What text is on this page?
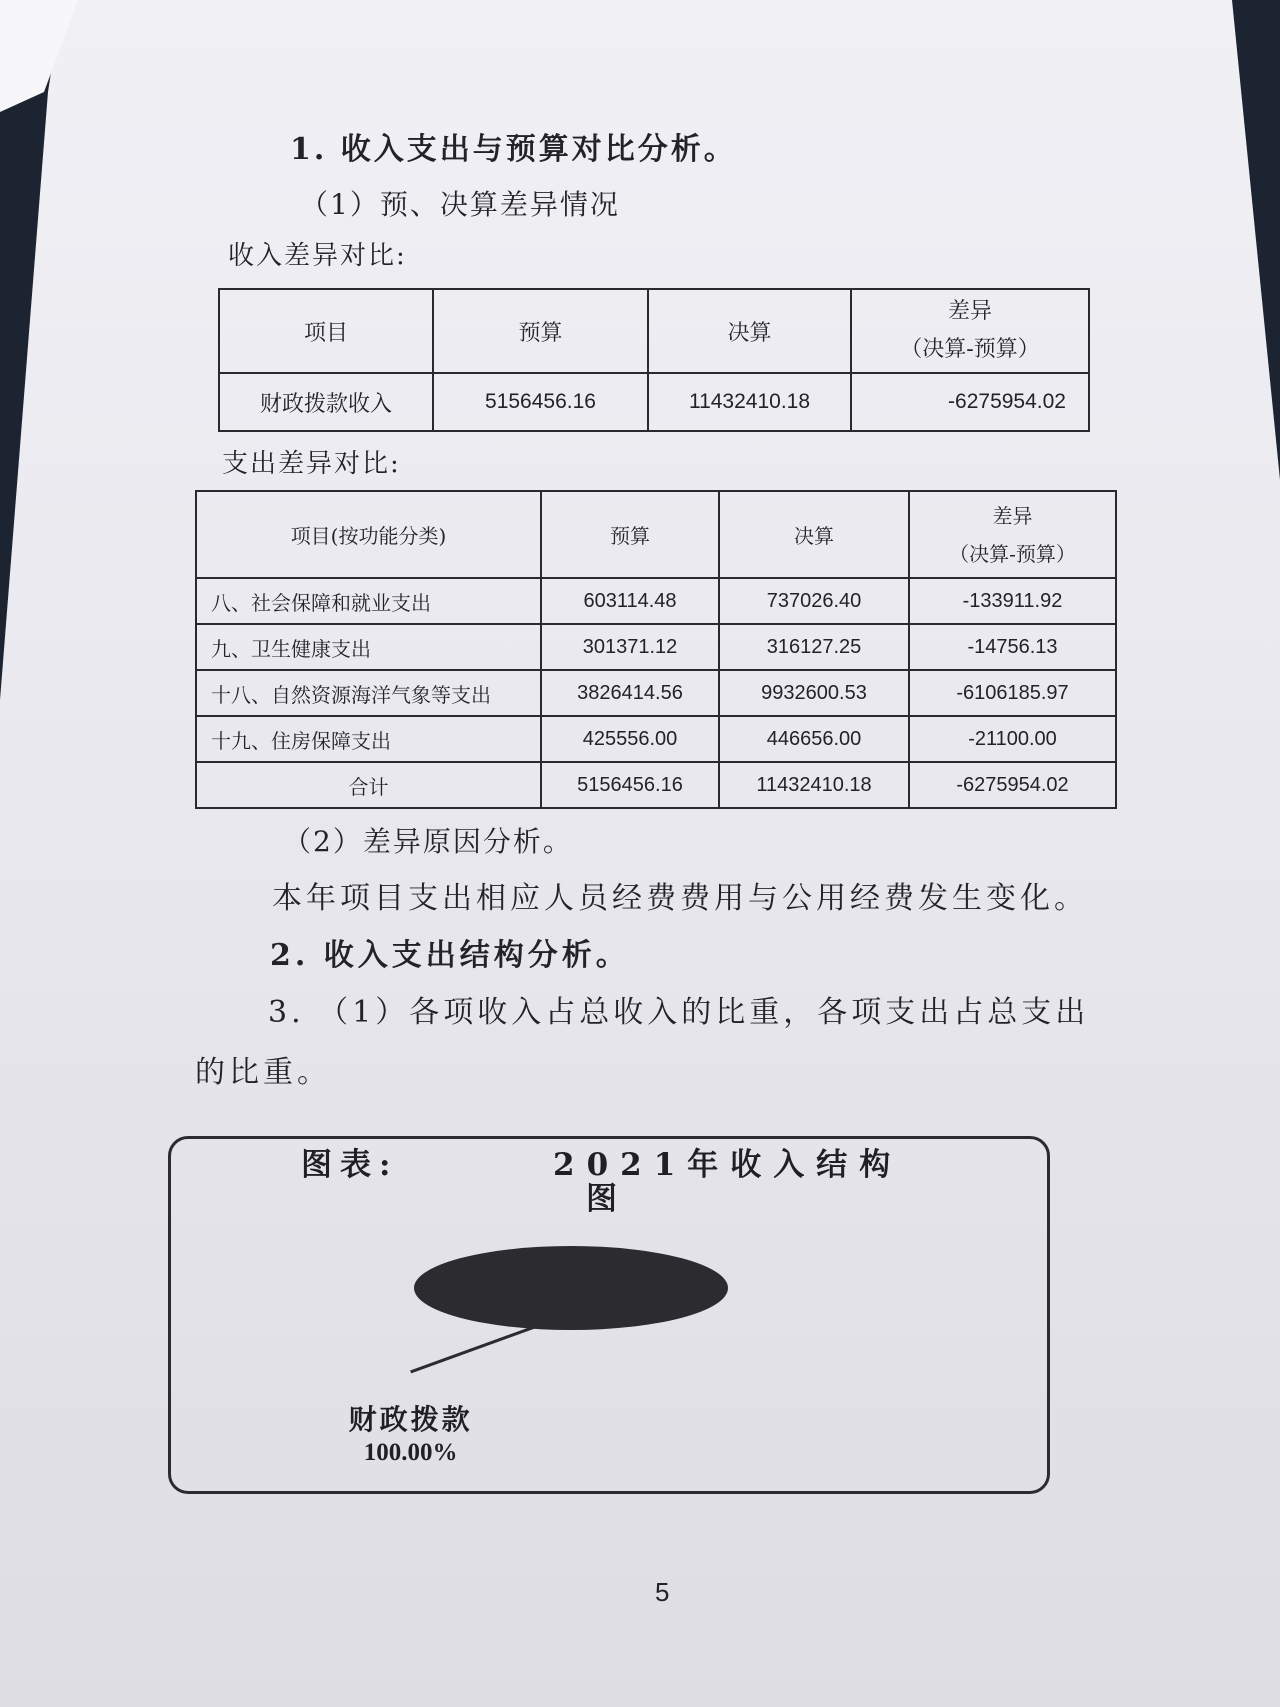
1. 收入支出与预算对比分析。
（1）预、决算差异情况
收入差异对比:
项目	预算	决算	差异
（决算-预算）

财政拨款收入	5156456.16	11432410.18	-6275954.02
支出差异对比:
项目(按功能分类)	预算	决算	差异
（决算-预算）

八、社会保障和就业支出	603114.48	737026.40	-133911.92
九、卫生健康支出	301371.12	316127.25	-14756.13
十八、自然资源海洋气象等支出	3826414.56	9932600.53	-6106185.97
十九、住房保障支出	425556.00	446656.00	-21100.00
合计	5156456.16	11432410.18	-6275954.02
（2）差异原因分析。
本年项目支出相应人员经费费用与公用经费发生变化。
2. 收入支出结构分析。
3. （1）各项收入占总收入的比重，各项支出占总支出
的比重。
财政拨款
100.00%
图表:	2021年收入结构
图
5
